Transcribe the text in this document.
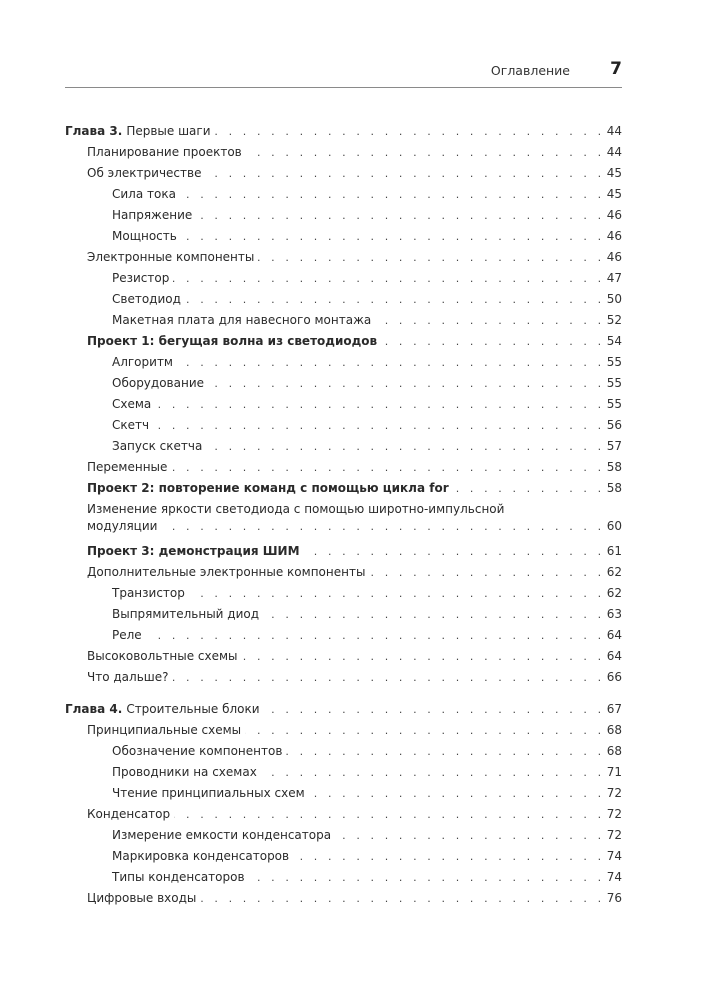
Оглавление 7
Глава 3. Первые шаги . . .	44
Планирование проектов . . .	44
Об электричестве . . .	45
Сила тока . . .	45
Напряжение . . .	46
Мощность . . .	46
Электронные компоненты . . .	46
Резистор . . .	47
Светодиод . . .	50
Макетная плата для навесного монтажа . . .	52
Проект 1: бегущая волна из светодиодов . . .	54
Алгоритм . . .	55
Оборудование . . .	55
Схема . . .	55
Скетч . . .	56
Запуск скетча . . .	57
Переменные . . .	58
Проект 2: повторение команд с помощью цикла for . . .	58
Изменение яркости светодиода с помощью широтно-импульсной
модуляции . . .	60
Проект 3: демонстрация ШИМ . . .	61
Дополнительные электронные компоненты . . .	62
Транзистор . . .	62
Выпрямительный диод . . .	63
Реле . . .	64
Высоковольтные схемы . . .	64
Что дальше? . . .	66
Глава 4. Строительные блоки . . .	67
Принципиальные схемы . . .	68
Обозначение компонентов . . .	68
Проводники на схемах . . .	71
Чтение принципиальных схем . . .	72
Конденсатор . . .	72
Измерение емкости конденсатора . . .	72
Маркировка конденсаторов . . .	74
Типы конденсаторов . . .	74
Цифровые входы . . .	76
